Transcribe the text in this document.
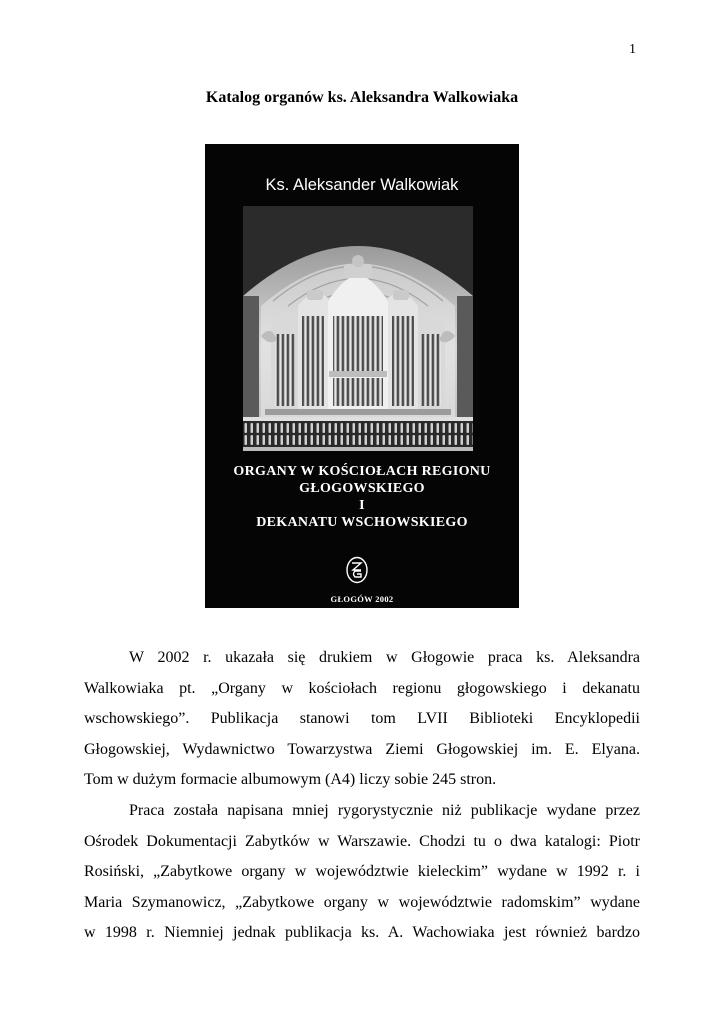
1
Katalog organów ks. Aleksandra Walkowiaka
Ks. Aleksander Walkowiak
ORGANY W KOŚCIOŁACH REGIONU
GŁOGOWSKIEGO
I
DEKANATU WSCHOWSKIEGO
GŁOGÓW 2002
W 2002 r. ukazała się drukiem w Głogowie praca ks. Aleksandra
Walkowiaka pt. „Organy w kościołach regionu głogowskiego i dekanatu
wschowskiego”. Publikacja stanowi tom LVII Biblioteki Encyklopedii
Głogowskiej, Wydawnictwo Towarzystwa Ziemi Głogowskiej im. E. Elyana.
Tom w dużym formacie albumowym (A4) liczy sobie 245 stron.
Praca została napisana mniej rygorystycznie niż publikacje wydane przez
Ośrodek Dokumentacji Zabytków w Warszawie. Chodzi tu o dwa katalogi: Piotr
Rosiński, „Zabytkowe organy w województwie kieleckim” wydane w 1992 r. i
Maria Szymanowicz, „Zabytkowe organy w województwie radomskim” wydane
w 1998 r. Niemniej jednak publikacja ks. A. Wachowiaka jest również bardzo
